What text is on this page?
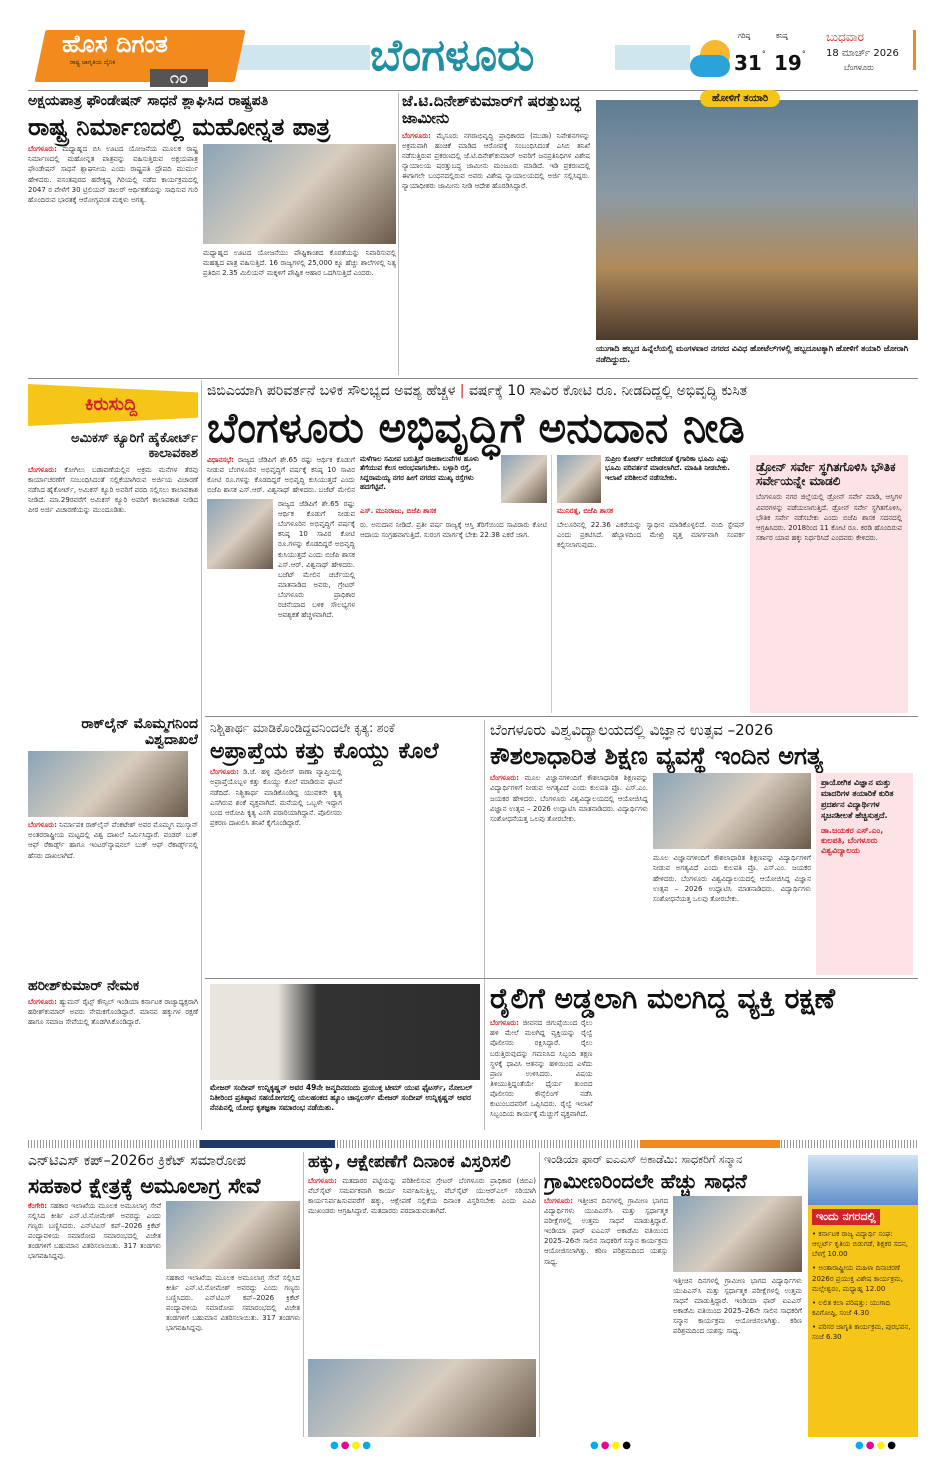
ಹೊಸ ದಿಗಂತ
ರಾಷ್ಟ್ರ ಜಾಗೃತಿಯ ದೈನಿಕ
೧೦	ಬೆಂಗಳೂರು	ಗರಿಷ್ಠ
31 °
ಕನಿಷ್ಠ
19 °
ಬುಧವಾರ
18 ಮಾರ್ಚ್ 2026
ಬೆಂಗಳೂರು
ಅಕ್ಷಯಪಾತ್ರ ಫೌಂಡೇಷನ್ ಸಾಧನೆ ಶ್ಲಾಘಿಸಿದ ರಾಷ್ಟ್ರಪತಿ
ರಾಷ್ಟ್ರ ನಿರ್ಮಾಣದಲ್ಲಿ ಮಹೋನ್ನತ ಪಾತ್ರ
ಬೆಂಗಳೂರು: ಮಧ್ಯಾಹ್ನದ ಬಿಸಿ ಊಟದ ಯೋಜನೆಯ ಮೂಲಕ ರಾಷ್ಟ್ರ ನಿರ್ಮಾಣದಲ್ಲಿ ಮಹೋನ್ನತ ಪಾತ್ರವನ್ನು ವಹಿಸುತ್ತಿರುವ ಅಕ್ಷಯಪಾತ್ರ ಫೌಂಡೇಷನ್ ಸಾಧನೆ ಶ್ಲಾಘನೀಯ ಎಂದು ರಾಷ್ಟ್ರಪತಿ ದ್ರೌಪದಿ ಮುರ್ಮು ಹೇಳಿದರು. ವಸಂತಪುರದ ಹರೇಕೃಷ್ಣ ಗಿರಿಯಲ್ಲಿ ನಡೆದ ಕಾರ್ಯಕ್ರಮದಲ್ಲಿ 2047 ರ ವೇಳೆಗೆ 30 ಟ್ರಿಲಿಯನ್ ಡಾಲರ್ ಆರ್ಥಿಕತೆಯನ್ನು ಸಾಧಿಸುವ ಗುರಿ ಹೊಂದಿರುವ ಭಾರತಕ್ಕೆ ಆರೋಗ್ಯವಂತ ಮಕ್ಕಳು ಅಗತ್ಯ.
ಮಧ್ಯಾಹ್ನದ ಊಟದ ಯೋಜನೆಯು ಪೌಷ್ಟಿಕಾಂಶದ ಕೊರತೆಯನ್ನು ನಿವಾರಿಸುವಲ್ಲಿ ಮಹತ್ವದ ಪಾತ್ರ ವಹಿಸುತ್ತಿದೆ. 16 ರಾಜ್ಯಗಳಲ್ಲಿ 25,000 ಕ್ಕೂ ಹೆಚ್ಚು ಶಾಲೆಗಳಲ್ಲಿ ನಿತ್ಯ ಪ್ರತಿದಿನ 2.35 ಮಿಲಿಯನ್ ಮಕ್ಕಳಿಗೆ ಪೌಷ್ಟಿಕ ಆಹಾರ ಒದಗಿಸುತ್ತಿದೆ ಎಂದರು.
ಜೆ.ಟಿ.ದಿನೇಶ್‌ಕುಮಾರ್‌ಗೆ ಷರತ್ತುಬದ್ಧ ಜಾಮೀನು
ಬೆಂಗಳೂರು: ಮೈಸೂರು ನಗರಾಭಿವೃದ್ಧಿ ಪ್ರಾಧಿಕಾರದ (ಮುಡಾ) ನಿವೇಶನಗಳನ್ನು ಅಕ್ರಮವಾಗಿ ಹಂಚಿಕೆ ಮಾಡಿದ ಆರೋಪಕ್ಕೆ ಸಂಬಂಧಿಸಿದಂತೆ ಎಸಿಬಿ ತನಿಖೆ ನಡೆಸುತ್ತಿರುವ ಪ್ರಕರಣದಲ್ಲಿ ಜೆ.ಟಿ.ದಿನೇಶ್‌ಕುಮಾರ್ ಅವರಿಗೆ ಜನಪ್ರತಿನಿಧಿಗಳ ವಿಶೇಷ ನ್ಯಾಯಾಲಯ ಷರತ್ತುಬದ್ಧ ಜಾಮೀನು ಮಂಜೂರು ಮಾಡಿದೆ. ಇಡಿ ಪ್ರಕರಣದಲ್ಲಿ ಈಗಾಗಲೇ ಬಂಧನದಲ್ಲಿರುವ ಅವರು ವಿಶೇಷ ನ್ಯಾಯಾಲಯದಲ್ಲಿ ಅರ್ಜಿ ಸಲ್ಲಿಸಿದ್ದರು. ನ್ಯಾಯಾಧೀಶರು ಜಾಮೀನು ನೀಡಿ ಆದೇಶ ಹೊರಡಿಸಿದ್ದಾರೆ.
ಹೋಳಿಗೆ ತಯಾರಿ
ಯುಗಾದಿ ಹಬ್ಬದ ಹಿನ್ನೆಲೆಯಲ್ಲಿ ಮಂಗಳವಾರ ನಗರದ ವಿವಿಧ ಹೋಟೆಲ್‌ಗಳಲ್ಲಿ ಹಬ್ಬದೂಟಕ್ಕಾಗಿ ಹೋಳಿಗೆ ತಯಾರಿ ಜೋರಾಗಿ ನಡೆದಿದ್ದುದು.
ಕಿರುಸುದ್ದಿ
ಅಮಿಕಸ್ ಕ್ಯೂರಿಗೆ ಹೈಕೋರ್ಟ್ ಕಾಲಾವಕಾಶ
ಬೆಂಗಳೂರು: ಕೋಗಿಲು ಬಡಾವಣೆಯಲ್ಲಿನ ಅಕ್ರಮ ಮನೆಗಳ ತೆರವು ಕಾರ್ಯಾಚರಣೆಗೆ ಸಂಬಂಧಿಸಿದಂತೆ ಸಲ್ಲಿಕೆಯಾಗಿರುವ ಅರ್ಜಿಯ ವಿಚಾರಣೆ ನಡೆಸಿದ ಹೈಕೋರ್ಟ್, ಅಮಿಕಸ್ ಕ್ಯೂರಿ ಅವರಿಗೆ ವರದಿ ಸಲ್ಲಿಸಲು ಕಾಲಾವಕಾಶ ನೀಡಿದೆ. ಮಾ.29ರವರೆಗೆ ಅಮಿಕಸ್ ಕ್ಯೂರಿ ಅವರಿಗೆ ಕಾಲಾವಕಾಶ ನೀಡಿದ ಪೀಠ ಅರ್ಜಿ ವಿಚಾರಣೆಯನ್ನು ಮುಂದೂಡಿತು.
ರಾಕ್‌ಲೈನ್ ಮೊಮ್ಮಗನಿಂದ ವಿಶ್ವದಾಖಲೆ
ಬೆಂಗಳೂರು: ನಿರ್ಮಾಪಕ ರಾಕ್‌ಲೈನ್ ವೆಂಕಟೇಶ್ ಅವರ ಮೊಮ್ಮಗ ಮುಸ್ಕಾನ್ ಅಂತರರಾಷ್ಟ್ರೀಯ ಮಟ್ಟದಲ್ಲಿ ವಿಶ್ವ ದಾಖಲೆ ನಿರ್ಮಿಸಿದ್ದಾರೆ. ವಂಡರ್ ಬುಕ್ ಆಫ್ ರೆಕಾರ್ಡ್ಸ್ ಹಾಗೂ ಇಂಟರ್‌ನ್ಯಾಷನಲ್ ಬುಕ್ ಆಫ್ ರೆಕಾರ್ಡ್ಸ್‌ನಲ್ಲಿ ಹೆಸರು ದಾಖಲಾಗಿದೆ.
ಹರೀಶ್‌ಕುಮಾರ್ ನೇಮಕ
ಬೆಂಗಳೂರು: ಹ್ಯುಮನ್ ರೈಟ್ಸ್ ಕೌನ್ಸಿಲ್ ಇಂಡಿಯಾ ಕರ್ನಾಟಕ ರಾಜ್ಯಾಧ್ಯಕ್ಷರಾಗಿ ಹರೀಶ್‌ಕುಮಾರ್ ಅವರು ನೇಮಕಗೊಂಡಿದ್ದಾರೆ. ಮಾನವ ಹಕ್ಕುಗಳ ರಕ್ಷಣೆ ಹಾಗೂ ಸಮಾಜ ಸೇವೆಯಲ್ಲಿ ತೊಡಗಿಸಿಕೊಂಡಿದ್ದಾರೆ.
ಜಿಬಿಎಯಾಗಿ ಪರಿವರ್ತನೆ ಬಳಿಕ ಸೌಲಭ್ಯದ ಅವಶ್ಯ ಹೆಚ್ಚಳ | ವರ್ಷಕ್ಕೆ 10 ಸಾವಿರ ಕೋಟಿ ರೂ. ನೀಡದಿದ್ದಲ್ಲಿ ಅಭಿವೃದ್ಧಿ ಕುಸಿತ
ಬೆಂಗಳೂರು ಅಭಿವೃದ್ಧಿಗೆ ಅನುದಾನ ನೀಡಿ
ವಿಧಾನಸಭೆ: ರಾಜ್ಯದ ಜೆಡಿಪಿಗೆ ಶೇ.65 ರಷ್ಟು ಆರ್ಥಿಕ ಕೊಡುಗೆ ನೀಡುವ ಬೆಂಗಳೂರಿನ ಅಭಿವೃದ್ಧಿಗೆ ವರ್ಷಕ್ಕೆ ಕನಿಷ್ಠ 10 ಸಾವಿರ ಕೋಟಿ ರೂ.ಗಳನ್ನು ಕೊಡದಿದ್ದರೆ ಅಭಿವೃದ್ಧಿ ಕುಸಿಯುತ್ತದೆ ಎಂದು ಬಿಜೆಪಿ ಶಾಸಕ ಎಸ್.ಆರ್. ವಿಶ್ವನಾಥ್ ಹೇಳಿದರು. ಬಜೆಟ್ ಮೇಲಿನ
ರಾಜ್ಯದ ಜೆಡಿಪಿಗೆ ಶೇ.65 ರಷ್ಟು ಆರ್ಥಿಕ ಕೊಡುಗೆ ನೀಡುವ ಬೆಂಗಳೂರಿನ ಅಭಿವೃದ್ಧಿಗೆ ವರ್ಷಕ್ಕೆ ಕನಿಷ್ಠ 10 ಸಾವಿರ ಕೋಟಿ ರೂ.ಗಳನ್ನು ಕೊಡದಿದ್ದರೆ ಅಭಿವೃದ್ಧಿ ಕುಸಿಯುತ್ತದೆ ಎಂದು ಬಿಜೆಪಿ ಶಾಸಕ ಎಸ್.ಆರ್. ವಿಶ್ವನಾಥ್ ಹೇಳಿದರು. ಬಜೆಟ್ ಮೇಲಿನ ಚರ್ಚೆಯಲ್ಲಿ ಮಾತನಾಡಿದ ಅವರು, ಗ್ರೇಟರ್ ಬೆಂಗಳೂರು ಪ್ರಾಧಿಕಾರ ರಚನೆಯಾದ ಬಳಿಕ ಸೌಲಭ್ಯಗಳ ಅವಶ್ಯಕತೆ ಹೆಚ್ಚಳವಾಗಿದೆ.
ಮಳೆಗಾಲ ಸಮೀಪ ಬರುತ್ತಿದೆ ರಾಜಕಾಲುವೆಗಳ ಹೂಳು ತೆಗೆಯುವ ಕೆಲಸ ಆರಂಭವಾಗಬೇಕು. ಬಳ್ಳಾರಿ ರಸ್ತೆ, ಸಿದ್ದರಾಮಯ್ಯ ನಗರ ಹೀಗೆ ನಗರದ ಮುಖ್ಯ ರಸ್ತೆಗಳು ಹದಗೆಟ್ಟಿವೆ.
ಎಸ್. ಮುನಿರಾಜು, ಬಿಜೆಪಿ ಶಾಸಕ
ರು. ಅನುದಾನ ನೀಡಿದೆ. ಪ್ರತೀ ವರ್ಷ ರಾಜ್ಯಕ್ಕೆ ಆಸ್ತಿ ತೆರಿಗೆಯಿಂದ ಸಾವಿರಾರು ಕೋಟಿ ಆದಾಯ ಸಂಗ್ರಹವಾಗುತ್ತಿದೆ. ಸುರಂಗ ಮಾರ್ಗಕ್ಕೆ ಬೇಕು 22.38 ಎಕರೆ ಜಾಗ.
ಸುಪ್ರೀಂ ಕೋರ್ಟ್ ಆದೇಶದಂತೆ ಕೈಗಾರಿಕಾ ಭೂಮಿ ಎಷ್ಟು ಭೂಮಿ ಪರಿವರ್ತನೆ ಮಾಡಲಾಗಿದೆ. ಮಾಹಿತಿ ನೀಡಬೇಕು. ಇಲಾಖೆ ಪರಿಶೀಲನೆ ನಡೆಸಬೇಕು.
ಮುನಿರತ್ನ, ಬಿಜೆಪಿ ಶಾಸಕ
ಬೇಲೂರಿನಲ್ಲಿ 22.36 ಎಕರೆಯನ್ನು ಸ್ವಾಧೀನ ಮಾಡಿಕೊಳ್ಳಲಿದೆ. ನಂದಿ ಸ್ಟೇಷನ್ ಎಂದು ಪ್ರಕಟಿಸಿದೆ. ಹೆಬ್ಬಾಳದಿಂದ ಮೇಖ್ರಿ ವೃತ್ತ ಮಾರ್ಗವಾಗಿ ಸಂಪರ್ಕ ಕಲ್ಪಿಸಲಾಗುವುದು.
ಡ್ರೋನ್ ಸರ್ವೇ ಸ್ಥಗಿತಗೊಳಿಸಿ ಭೌತಿಕ ಸರ್ವೇಯನ್ನೇ ಮಾಡಲಿ
ಬೆಂಗಳೂರು ನಗರ ಜಿಲ್ಲೆಯಲ್ಲಿ ಡ್ರೋನ್ ಸರ್ವೇ ಮಾಡಿ, ಆಸ್ತಿಗಳ ವಿವರಗಳನ್ನು ಪಡೆಯಲಾಗುತ್ತಿದೆ. ಡ್ರೋನ್ ಸರ್ವೇ ಸ್ಥಗಿತಗೊಳಿಸಿ, ಭೌತಿಕ ಸರ್ವೇ ನಡೆಸಬೇಕು ಎಂದು ಬಿಜೆಪಿ ಶಾಸಕ ಸದನದಲ್ಲಿ ಆಗ್ರಹಿಸಿದರು. 2018ರಿಂದ 11 ಕೋಟಿ ರೂ. ಕರಡಿ ಹೊಂದಿರುವ ಸರ್ಕಾರ ಯಾವ ಹಕ್ಕು ನಿರ್ಧರಿಸಿದೆ ಎಂದವರು ಕೇಳಿದರು.
ನಿಶ್ಚಿತಾರ್ಥ ಮಾಡಿಕೊಂಡಿದ್ದವನಿಂದಲೇ ಕೃತ್ಯ: ಶಂಕೆ
ಅಪ್ರಾಪ್ತೆಯ ಕತ್ತು ಕೊಯ್ದು ಕೊಲೆ
ಬೆಂಗಳೂರು: ಡಿ.ಜೆ. ಹಳ್ಳಿ ಪೊಲೀಸ್ ಠಾಣಾ ವ್ಯಾಪ್ತಿಯಲ್ಲಿ ಅಪ್ರಾಪ್ತೆಯೊಬ್ಬಳ ಕತ್ತು ಕೊಯ್ದು ಕೊಲೆ ಮಾಡಿರುವ ಘಟನೆ ನಡೆದಿದೆ. ನಿಶ್ಚಿತಾರ್ಥ ಮಾಡಿಕೊಂಡಿದ್ದ ಯುವಕನೇ ಕೃತ್ಯ ಎಸಗಿರುವ ಶಂಕೆ ವ್ಯಕ್ತವಾಗಿದೆ. ಮನೆಯಲ್ಲಿ ಒಬ್ಬಳೇ ಇದ್ದಾಗ ಬಂದ ಆರೋಪಿ ಕೃತ್ಯ ಎಸಗಿ ಪರಾರಿಯಾಗಿದ್ದಾನೆ. ಪೊಲೀಸರು ಪ್ರಕರಣ ದಾಖಲಿಸಿ ತನಿಖೆ ಕೈಗೊಂಡಿದ್ದಾರೆ.
ಬೆಂಗಳೂರು ವಿಶ್ವವಿದ್ಯಾಲಯದಲ್ಲಿ ವಿಜ್ಞಾನ ಉತ್ಸವ –2026
ಕೌಶಲಾಧಾರಿತ ಶಿಕ್ಷಣ ವ್ಯವಸ್ಥೆ ಇಂದಿನ ಅಗತ್ಯ
ಬೆಂಗಳೂರು: ಮೂಲ ವಿಜ್ಞಾನಗಳಿಂದಿಗೆ ಕೌಶಲಾಧಾರಿತ ಶಿಕ್ಷಣವನ್ನು ವಿದ್ಯಾರ್ಥಿಗಳಿಗೆ ನೀಡುವ ಅಗತ್ಯವಿದೆ ಎಂದು ಕುಲಪತಿ ಪ್ರೊ. ಎಸ್.ಎಂ. ಜಯಕರ ಹೇಳಿದರು. ಬೆಂಗಳೂರು ವಿಶ್ವವಿದ್ಯಾಲಯದಲ್ಲಿ ಆಯೋಜಿಸಿದ್ದ ವಿಜ್ಞಾನ ಉತ್ಸವ – 2026 ಉದ್ಘಾಟಿಸಿ ಮಾತನಾಡಿದರು. ವಿದ್ಯಾರ್ಥಿಗಳು ಸಂಶೋಧನೆಯತ್ತ ಒಲವು ತೋರಬೇಕು.
ಮೂಲ ವಿಜ್ಞಾನಗಳಿಂದಿಗೆ ಕೌಶಲಾಧಾರಿತ ಶಿಕ್ಷಣವನ್ನು ವಿದ್ಯಾರ್ಥಿಗಳಿಗೆ ನೀಡುವ ಅಗತ್ಯವಿದೆ ಎಂದು ಕುಲಪತಿ ಪ್ರೊ. ಎಸ್.ಎಂ. ಜಯಕರ ಹೇಳಿದರು. ಬೆಂಗಳೂರು ವಿಶ್ವವಿದ್ಯಾಲಯದಲ್ಲಿ ಆಯೋಜಿಸಿದ್ದ ವಿಜ್ಞಾನ ಉತ್ಸವ – 2026 ಉದ್ಘಾಟಿಸಿ ಮಾತನಾಡಿದರು. ವಿದ್ಯಾರ್ಥಿಗಳು ಸಂಶೋಧನೆಯತ್ತ ಒಲವು ತೋರಬೇಕು.
ಪ್ರಾಯೋಗಿಕ ವಿಜ್ಞಾನ ಮತ್ತು ಮಾದರಿಗಳ ತಯಾರಿಕೆ ಕುರಿತ ಪ್ರದರ್ಶನ ವಿದ್ಯಾರ್ಥಿಗಳ ಸೃಜನಶೀಲತೆ ಹೆಚ್ಚಿಸುತ್ತದೆ.
ಡಾ.ಜಯಕರ ಎಸ್.ಎಂ, ಕುಲಪತಿ, ಬೆಂಗಳೂರು ವಿಶ್ವವಿದ್ಯಾಲಯ
ಮೇಜರ್ ಸಂದೀಪ್ ಉನ್ನಿಕೃಷ್ಣನ್ ಅವರ 49ನೇ ಜನ್ಮದಿನದಂದು ಪ್ರಯುಕ್ತ ಟೀಮ್ ಯುವ ಫೈಟರ್ಸ್, ನೋಬಲ್ ನಿತೀರಿಂದ ಪ್ರತಿಷ್ಠಾನ ಸಹಯೋಗದಲ್ಲಿ ಯಲಹಂಕದ ಹ್ಯೂಂ ಚಾನ್ಸಲರ್ಸ್ ಮೇಜರ್ ಸಂದೀಪ್ ಉನ್ನಿಕೃಷ್ಣನ್ ಅವರ ನೆನಪಿನಲ್ಲಿ ಯೋಧ ಕೃತಜ್ಞತಾ ಸಮಾರಂಭ ನಡೆಯಿತು.
ರೈಲಿಗೆ ಅಡ್ಡಲಾಗಿ ಮಲಗಿದ್ದ ವ್ಯಕ್ತಿ ರಕ್ಷಣೆ
ಬೆಂಗಳೂರು: ಜೀವನದ ಜಿಗುಪ್ಸೆಯಿಂದ ರೈಲು ಹಳಿ ಮೇಲೆ ಮಲಗಿದ್ದ ವ್ಯಕ್ತಿಯನ್ನು ರೈಲ್ವೆ ಪೊಲೀಸರು ರಕ್ಷಿಸಿದ್ದಾರೆ. ರೈಲು ಬರುತ್ತಿರುವುದನ್ನು ಗಮನಿಸಿದ ಸಿಬ್ಬಂದಿ ತಕ್ಷಣ ಸ್ಥಳಕ್ಕೆ ಧಾವಿಸಿ ಆತನನ್ನು ಹಳಿಯಿಂದ ಎಳೆದು ಪ್ರಾಣ ಉಳಿಸಿದರು. ವಿಷಯ ತಿಳಿಯುತ್ತಿದ್ದಂತೆಯೇ ಧೈರ್ಯ ತುಂಬಿದ ಪೊಲೀಸರು ಕೌನ್ಸೆಲಿಂಗ್ ನಡೆಸಿ ಕುಟುಂಬದವರಿಗೆ ಒಪ್ಪಿಸಿದರು. ರೈಲ್ವೆ ಇಲಾಖೆ ಸಿಬ್ಬಂದಿಯ ಕಾರ್ಯಕ್ಕೆ ಮೆಚ್ಚುಗೆ ವ್ಯಕ್ತವಾಗಿದೆ.
ಎನ್‌ಟಿಎಸ್ ಕಪ್–2026ರ ಕ್ರಿಕೆಟ್ ಸಮಾರೋಪ
ಸಹಕಾರ ಕ್ಷೇತ್ರಕ್ಕೆ ಅಮೂಲಾಗ್ರ ಸೇವೆ
ಕೆಂಗೇರಿ: ಸಹಕಾರ ಇಲಾಖೆಯ ಮೂಲಕ ಅಮೂಲಾಗ್ರ ಸೇವೆ ಸಲ್ಲಿಸಿದ ಕೀರ್ತಿ ಎನ್.ಟಿ.ನೋಮೇಶ್ ಅವರದ್ದು ಎಂದು ಗಣ್ಯರು ಬಣ್ಣಿಸಿದರು. ಎನ್‌ಟಿಎಸ್ ಕಪ್–2026 ಕ್ರಿಕೆಟ್ ಪಂದ್ಯಾವಳಿಯ ಸಮಾರೋಪ ಸಮಾರಂಭದಲ್ಲಿ ವಿಜೇತ ತಂಡಗಳಿಗೆ ಬಹುಮಾನ ವಿತರಿಸಲಾಯಿತು. 317 ತಂಡಗಳು ಭಾಗವಹಿಸಿದ್ದವು.
ಸಹಕಾರ ಇಲಾಖೆಯ ಮೂಲಕ ಅಮೂಲಾಗ್ರ ಸೇವೆ ಸಲ್ಲಿಸಿದ ಕೀರ್ತಿ ಎನ್.ಟಿ.ನೋಮೇಶ್ ಅವರದ್ದು ಎಂದು ಗಣ್ಯರು ಬಣ್ಣಿಸಿದರು. ಎನ್‌ಟಿಎಸ್ ಕಪ್–2026 ಕ್ರಿಕೆಟ್ ಪಂದ್ಯಾವಳಿಯ ಸಮಾರೋಪ ಸಮಾರಂಭದಲ್ಲಿ ವಿಜೇತ ತಂಡಗಳಿಗೆ ಬಹುಮಾನ ವಿತರಿಸಲಾಯಿತು. 317 ತಂಡಗಳು ಭಾಗವಹಿಸಿದ್ದವು.
ಹಕ್ಕು, ಆಕ್ಷೇಪಣೆಗೆ ದಿನಾಂಕ ವಿಸ್ತರಿಸಲಿ
ಬೆಂಗಳೂರು: ಮತದಾರರ ಪಟ್ಟಿಯನ್ನು ಪರಿಶೀಲಿಸುವ ಗ್ರೇಟರ್ ಬೆಂಗಳೂರು ಪ್ರಾಧಿಕಾರ (ಜಿಬಿಎ) ವೆಬ್‌ಸೈಟ್ ಸಮರ್ಪಕವಾಗಿ ಕಾರ್ಯ ನಿರ್ವಹಿಸುತ್ತಿಲ್ಲ. ವೆಬ್‌ಸೈಟ್ ಯುಆರ್‌ಎಲ್ ಸರಿಯಾಗಿ ಕಾರ್ಯನಿರ್ವಹಿಸುವವರೆಗೆ ಹಕ್ಕು, ಆಕ್ಷೇಪಣೆ ಸಲ್ಲಿಕೆಯ ದಿನಾಂಕ ವಿಸ್ತರಿಸಬೇಕು ಎಂದು ಎಎಪಿ ಮುಖಂಡರು ಆಗ್ರಹಿಸಿದ್ದಾರೆ. ಮತದಾರರು ಪರದಾಡುವಂತಾಗಿದೆ.
ಇಂಡಿಯಾ ಫಾರ್ ಐಎಎಸ್ ಅಕಾಡೆಮಿ: ಸಾಧಕರಿಗೆ ಸನ್ಮಾನ
ಗ್ರಾಮೀಣರಿಂದಲೇ ಹೆಚ್ಚು ಸಾಧನೆ
ಬೆಂಗಳೂರು: ಇತ್ತೀಚಿನ ದಿನಗಳಲ್ಲಿ ಗ್ರಾಮೀಣ ಭಾಗದ ವಿದ್ಯಾರ್ಥಿಗಳು ಯುಪಿಎಸ್‌ಸಿ ಮತ್ತು ಸ್ಪರ್ಧಾತ್ಮಕ ಪರೀಕ್ಷೆಗಳಲ್ಲಿ ಉತ್ತಮ ಸಾಧನೆ ಮಾಡುತ್ತಿದ್ದಾರೆ. ಇಂಡಿಯಾ ಫಾರ್ ಐಎಎಸ್ ಅಕಾಡೆಮಿ ವತಿಯಿಂದ 2025–26ನೇ ಸಾಲಿನ ಸಾಧಕರಿಗೆ ಸನ್ಮಾನ ಕಾರ್ಯಕ್ರಮ ಆಯೋಜಿಸಲಾಗಿತ್ತು. ಕಠಿಣ ಪರಿಶ್ರಮದಿಂದ ಯಶಸ್ಸು ಸಾಧ್ಯ.
ಇತ್ತೀಚಿನ ದಿನಗಳಲ್ಲಿ ಗ್ರಾಮೀಣ ಭಾಗದ ವಿದ್ಯಾರ್ಥಿಗಳು ಯುಪಿಎಸ್‌ಸಿ ಮತ್ತು ಸ್ಪರ್ಧಾತ್ಮಕ ಪರೀಕ್ಷೆಗಳಲ್ಲಿ ಉತ್ತಮ ಸಾಧನೆ ಮಾಡುತ್ತಿದ್ದಾರೆ. ಇಂಡಿಯಾ ಫಾರ್ ಐಎಎಸ್ ಅಕಾಡೆಮಿ ವತಿಯಿಂದ 2025–26ನೇ ಸಾಲಿನ ಸಾಧಕರಿಗೆ ಸನ್ಮಾನ ಕಾರ್ಯಕ್ರಮ ಆಯೋಜಿಸಲಾಗಿತ್ತು. ಕಠಿಣ ಪರಿಶ್ರಮದಿಂದ ಯಶಸ್ಸು ಸಾಧ್ಯ.
ಇಂದು ನಗರದಲ್ಲಿ
• ಕರ್ನಾಟಕ ರಾಜ್ಯ ವಿದ್ಯಾರ್ಥಿ ಸಂಘ: ಆಲ್ಬರ್ಟ್ ಕೃತಿಯ ಬಿಡುಗಡೆ, ಶಿಕ್ಷಕರ ಸದನ, ಬೆಳಗ್ಗೆ 10.00
• ಅಂತಾರಾಷ್ಟ್ರೀಯ ಮಹಿಳಾ ದಿನಾಚರಣೆ 2026ರ ಪ್ರಯುಕ್ತ ವಿಶೇಷ ಕಾರ್ಯಕ್ರಮ, ಮಲ್ಲೇಶ್ವರಂ, ಮಧ್ಯಾಹ್ನ 12.00
• ಲಲಿತ ಕಲಾ ಪರಿಷತ್ತು: ಯುಗಾದಿ ಕವಿಗೋಷ್ಠಿ, ಸಂಜೆ 4.30
• ಪರಿಸರ ಜಾಗೃತಿ ಕಾರ್ಯಕ್ರಮ, ಪುರಭವನ, ಸಂಜೆ 6.30
●●●●	●●●●	●●●●
